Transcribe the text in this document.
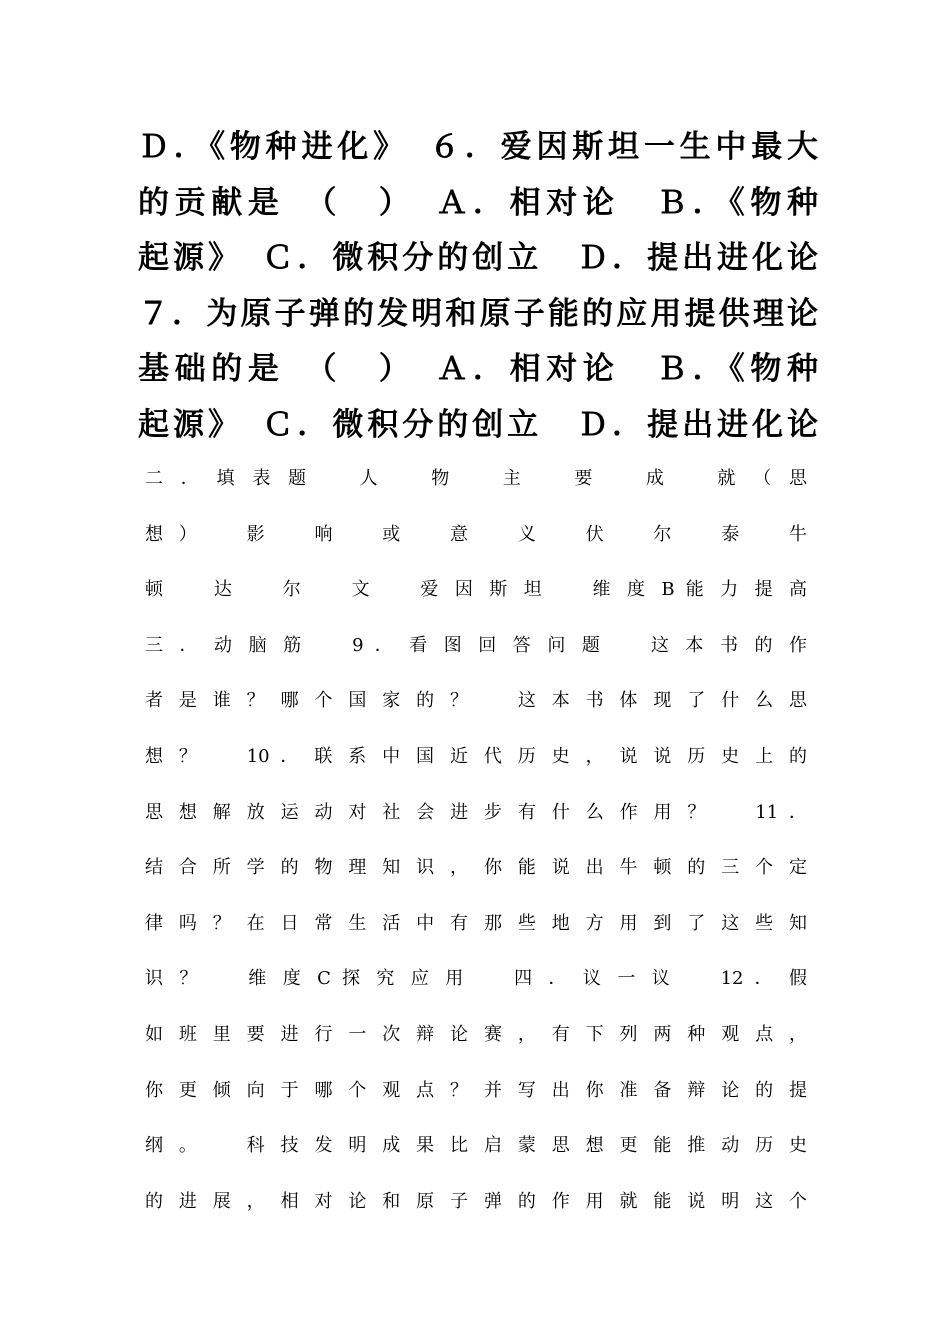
Ｄ．《物种进化》　６．爱因斯坦一生中最大
的贡献是　（　）　Ａ．相对论　Ｂ．《物种
起源》　Ｃ．微积分的创立　Ｄ．提出进化论
７．为原子弹的发明和原子能的应用提供理论
基础的是　（　）　Ａ．相对论　Ｂ．《物种
起源》　Ｃ．微积分的创立　Ｄ．提出进化论
二 ． 填 表 题 　 人 　 物 　 主 　 要 　 成 　 就 （ 思
想 ） 　 影 　 响 　 或 　 意 　 义 　 伏 　 尔 　 泰 　 牛
顿 　 达 　 尔 　 文 　 爱 因 斯 坦 　 维 度 B 能 力 提 高
三 ． 动 脑 筋 　 9 ． 看 图 回 答 问 题 　 这 本 书 的 作
者 是 谁 ？ 哪 个 国 家 的 ？ 　 这 本 书 体 现 了 什 么 思
想 ？ 　 10 ． 联 系 中 国 近 代 历 史 ， 说 说 历 史 上 的
思 想 解 放 运 动 对 社 会 进 步 有 什 么 作 用 ？ 　 11 ．
结 合 所 学 的 物 理 知 识 ， 你 能 说 出 牛 顿 的 三 个 定
律 吗 ？ 在 日 常 生 活 中 有 那 些 地 方 用 到 了 这 些 知
识 ？ 　 维 度 C 探 究 应 用 　 四 ． 议 一 议 　 12 ． 假
如 班 里 要 进 行 一 次 辩 论 赛 ， 有 下 列 两 种 观 点 ，
你 更 倾 向 于 哪 个 观 点 ？ 并 写 出 你 准 备 辩 论 的 提
纲 。 　 科 技 发 明 成 果 比 启 蒙 思 想 更 能 推 动 历 史
的 进 展 ， 相 对 论 和 原 子 弹 的 作 用 就 能 说 明 这 个
